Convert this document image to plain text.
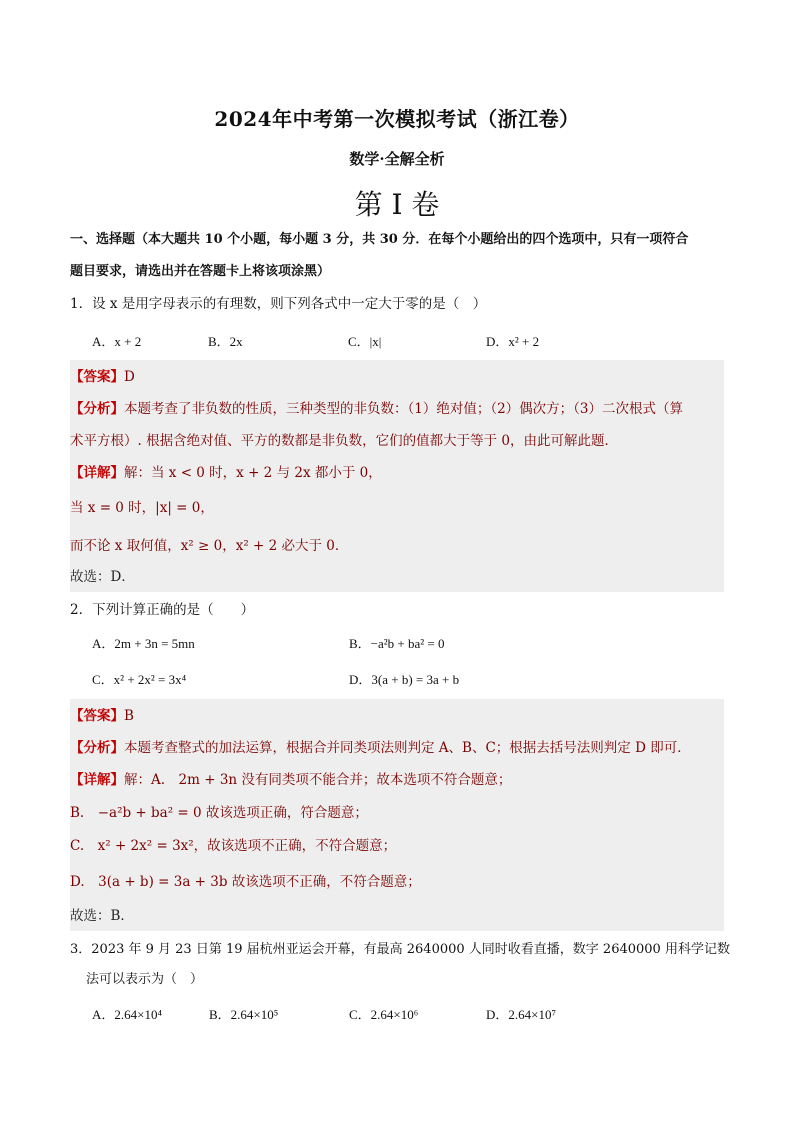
2024年中考第一次模拟考试（浙江卷）
数学·全解全析
第 I 卷
一、选择题（本大题共 10 个小题，每小题 3 分，共 30 分．在每个小题给出的四个选项中，只有一项符合
题目要求，请选出并在答题卡上将该项涂黑）
1．设 x 是用字母表示的有理数，则下列各式中一定大于零的是（　）
A．x + 2	B．2x	C．|x|	D．x² + 2
【答案】D
【分析】本题考查了非负数的性质，三种类型的非负数：（1）绝对值；（2）偶次方；（3）二次根式（算
术平方根）. 根据含绝对值、平方的数都是非负数，它们的值都大于等于 0，由此可解此题．
【详解】解：当 x < 0 时，x + 2 与 2x 都小于 0，
当 x = 0 时，|x| = 0，
而不论 x 取何值，x² ≥ 0，x² + 2 必大于 0．
故选：D．
2．下列计算正确的是（　　）
A．2m + 3n = 5mn	B．−a²b + ba² = 0
C．x² + 2x² = 3x⁴	D．3(a + b) = 3a + b
【答案】B
【分析】本题考查整式的加法运算，根据合并同类项法则判定 A、B、C；根据去括号法则判定 D 即可．
【详解】解：A.　2m + 3n 没有同类项不能合并；故本选项不符合题意；
B.　−a²b + ba² = 0 故该选项正确，符合题意；
C.　x² + 2x² = 3x²，故该选项不正确，不符合题意；
D.　3(a + b) = 3a + 3b 故该选项不正确，不符合题意；
故选：B．
3．2023 年 9 月 23 日第 19 届杭州亚运会开幕，有最高 2640000 人同时收看直播，数字 2640000 用科学记数
法可以表示为（　）
A．2.64×10⁴	B．2.64×10⁵	C．2.64×10⁶	D．2.64×10⁷
